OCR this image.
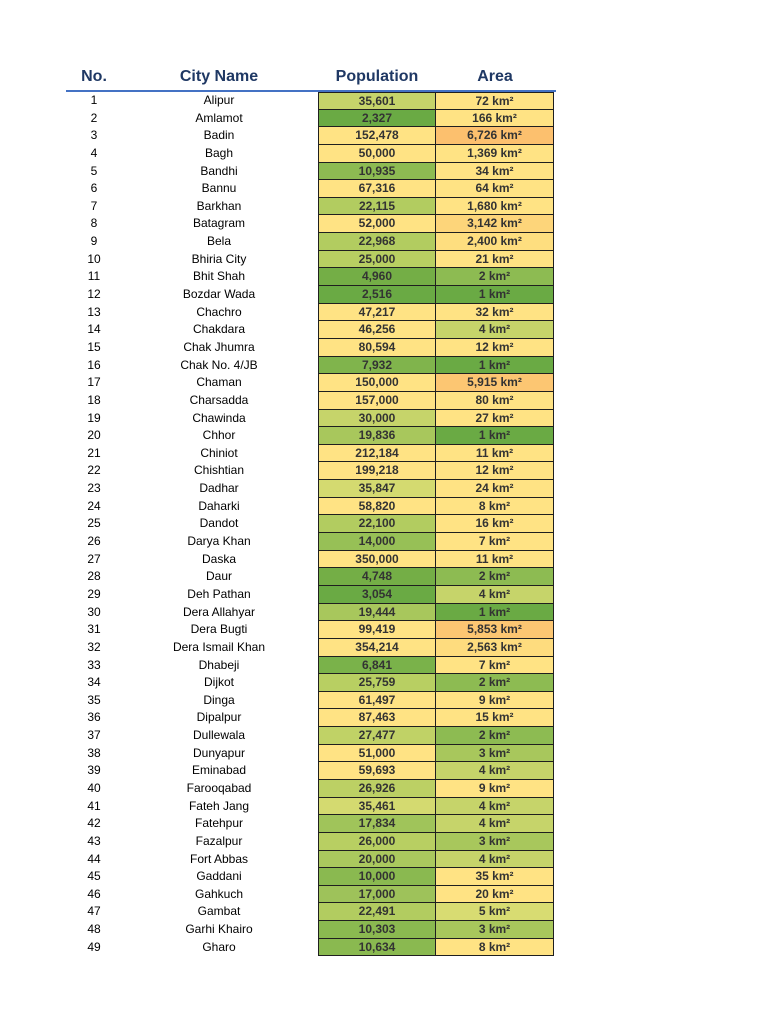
No.	City Name	Population	Area
1	Alipur	35,601	72 km²
2	Amlamot	2,327	166 km²
3	Badin	152,478	6,726 km²
4	Bagh	50,000	1,369 km²
5	Bandhi	10,935	34 km²
6	Bannu	67,316	64 km²
7	Barkhan	22,115	1,680 km²
8	Batagram	52,000	3,142 km²
9	Bela	22,968	2,400 km²
10	Bhiria City	25,000	21 km²
11	Bhit Shah	4,960	2 km²
12	Bozdar Wada	2,516	1 km²
13	Chachro	47,217	32 km²
14	Chakdara	46,256	4 km²
15	Chak Jhumra	80,594	12 km²
16	Chak No. 4/JB	7,932	1 km²
17	Chaman	150,000	5,915 km²
18	Charsadda	157,000	80 km²
19	Chawinda	30,000	27 km²
20	Chhor	19,836	1 km²
21	Chiniot	212,184	11 km²
22	Chishtian	199,218	12 km²
23	Dadhar	35,847	24 km²
24	Daharki	58,820	8 km²
25	Dandot	22,100	16 km²
26	Darya Khan	14,000	7 km²
27	Daska	350,000	11 km²
28	Daur	4,748	2 km²
29	Deh Pathan	3,054	4 km²
30	Dera Allahyar	19,444	1 km²
31	Dera Bugti	99,419	5,853 km²
32	Dera Ismail Khan	354,214	2,563 km²
33	Dhabeji	6,841	7 km²
34	Dijkot	25,759	2 km²
35	Dinga	61,497	9 km²
36	Dipalpur	87,463	15 km²
37	Dullewala	27,477	2 km²
38	Dunyapur	51,000	3 km²
39	Eminabad	59,693	4 km²
40	Farooqabad	26,926	9 km²
41	Fateh Jang	35,461	4 km²
42	Fatehpur	17,834	4 km²
43	Fazalpur	26,000	3 km²
44	Fort Abbas	20,000	4 km²
45	Gaddani	10,000	35 km²
46	Gahkuch	17,000	20 km²
47	Gambat	22,491	5 km²
48	Garhi Khairo	10,303	3 km²
49	Gharo	10,634	8 km²
